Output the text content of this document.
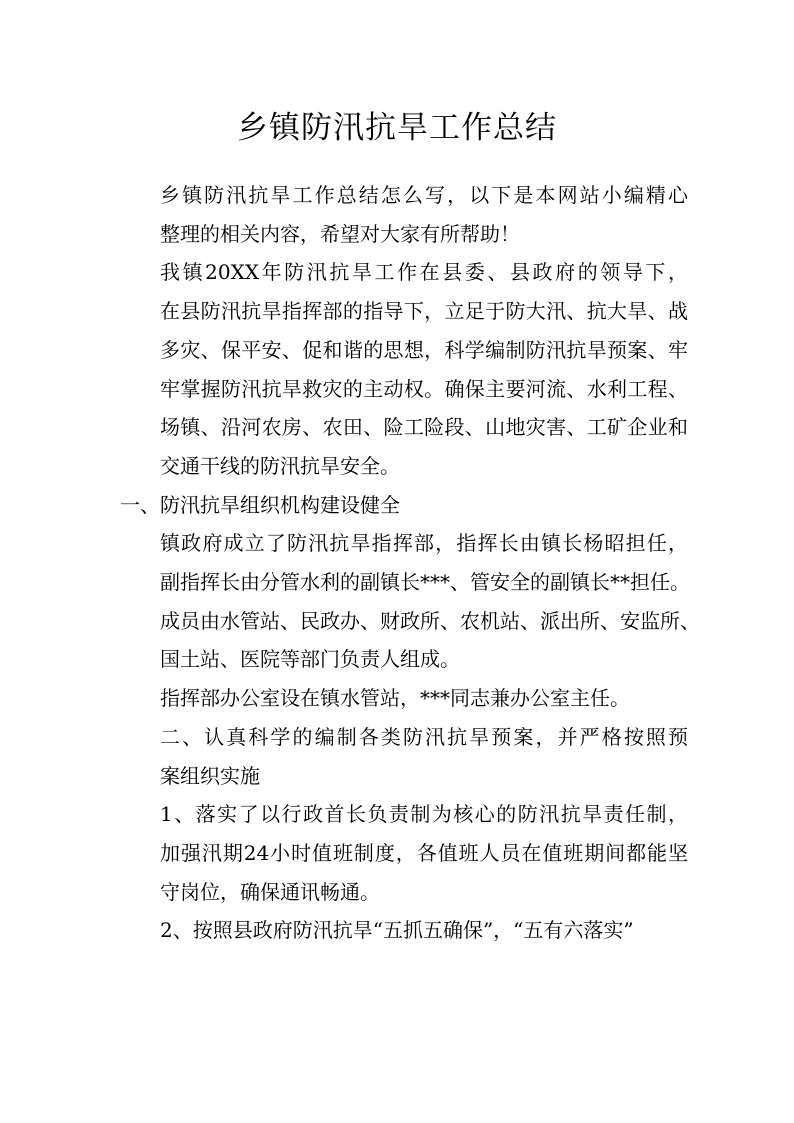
乡镇防汛抗旱工作总结

乡镇防汛抗旱工作总结怎么写，以下是本网站小编精心
整理的相关内容，希望对大家有所帮助！

我镇20XX年防汛抗旱工作在县委、县政府的领导下，
在县防汛抗旱指挥部的指导下，立足于防大汛、抗大旱、战
多灾、保平安、促和谐的思想，科学编制防汛抗旱预案、牢
牢掌握防汛抗旱救灾的主动权。确保主要河流、水利工程、
场镇、沿河农房、农田、险工险段、山地灾害、工矿企业和
交通干线的防汛抗旱安全。

一、防汛抗旱组织机构建设健全

镇政府成立了防汛抗旱指挥部，指挥长由镇长杨昭担任，
副指挥长由分管水利的副镇长***、管安全的副镇长**担任。
成员由水管站、民政办、财政所、农机站、派出所、安监所、
国土站、医院等部门负责人组成。

指挥部办公室设在镇水管站，***同志兼办公室主任。

二、认真科学的编制各类防汛抗旱预案，并严格按照预
案组织实施

1、落实了以行政首长负责制为核心的防汛抗旱责任制，
加强汛期24小时值班制度，各值班人员在值班期间都能坚
守岗位，确保通讯畅通。

2、按照县政府防汛抗旱“五抓五确保”，“五有六落实”
